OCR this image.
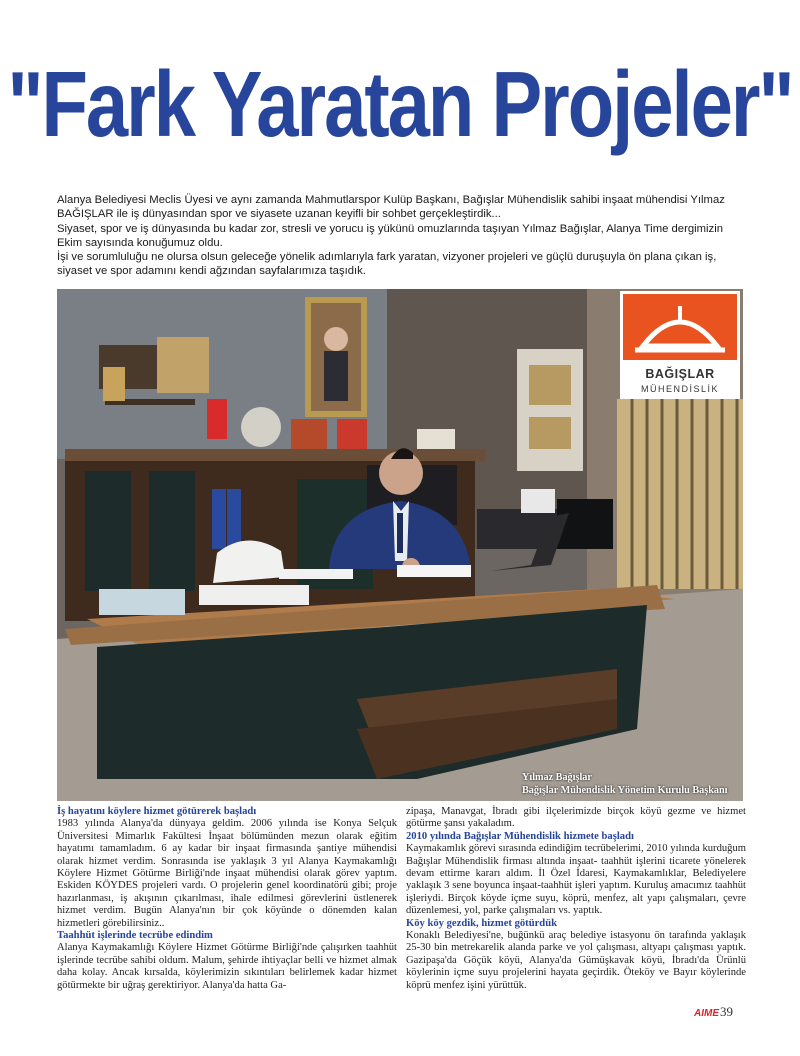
"Fark Yaratan Projeler"

Alanya Belediyesi Meclis Üyesi ve aynı zamanda Mahmutlarspor Kulüp Başkanı, Bağışlar Mühendislik sahibi inşaat mühendisi Yılmaz BAĞIŞLAR ile iş dünyasından spor ve siyasete uzanan keyifli bir sohbet gerçekleştirdik...

Siyaset, spor ve iş dünyasında bu kadar zor, stresli ve yorucu iş yükünü omuzlarında taşıyan Yılmaz Bağışlar, Alanya Time dergimizin Ekim sayısında konuğumuz oldu.

İşi ve sorumluluğu ne olursa olsun geleceğe yönelik adımlarıyla fark yaratan, vizyoner projeleri ve güçlü duruşuyla ön plana çıkan iş, siyaset ve spor adamını kendi ağzından sayfalarımıza taşıdık.

BAĞIŞLAR
MÜHENDİSLİK
Yılmaz Bağışlar
Bağışlar Mühendislik Yönetim Kurulu Başkanı
İş hayatını köylere hizmet götürerek başladı

1983 yılında Alanya'da dünyaya geldim. 2006 yılında ise Konya Selçuk Üniversitesi Mimarlık Fakültesi İnşaat bölümünden mezun olarak eğitim hayatımı tamamladım. 6 ay kadar bir inşaat firmasında şantiye mühendisi olarak hizmet verdim. Sonrasında ise yaklaşık 3 yıl Alanya Kaymakamlığı Köylere Hizmet Götürme Birliği'nde inşaat mühendisi olarak görev yaptım. Eskiden KÖYDES projeleri vardı. O projelerin genel koordinatörü gibi; proje hazırlanması, iş akışının çıkarılması, ihale edilmesi görevlerini üstlenerek hizmet verdim. Bugün Alanya'nın bir çok köyünde o dönemden kalan hizmetleri görebilirsiniz..

Taahhüt işlerinde tecrübe edindim

Alanya Kaymakamlığı Köylere Hizmet Götürme Birliği'nde çalışırken taahhüt işlerinde tecrübe sahibi oldum. Malum, şehirde ihtiyaçlar belli ve hizmet almak daha kolay. Ancak kırsalda, köylerimizin sıkıntıları belirlemek kadar hizmet götürmekte bir uğraş gerektiriyor. Alanya'da hatta Ga-

zipaşa, Manavgat, İbradı gibi ilçelerimizde birçok köyü gezme ve hizmet götürme şansı yakaladım.

2010 yılında Bağışlar Mühendislik hizmete başladı

Kaymakamlık görevi sırasında edindiğim tecrübelerimi, 2010 yılında kurduğum Bağışlar Mühendislik firması altında inşaat- taahhüt işlerini ticarete yönelerek devam ettirme kararı aldım. İl Özel İdaresi, Kaymakamlıklar, Belediyelere yaklaşık 3 sene boyunca inşaat-taahhüt işleri yaptım. Kuruluş amacımız taahhüt işleriydi. Birçok köyde içme suyu, köprü, menfez, alt yapı çalışmaları, çevre düzenlemesi, yol, parke çalışmaları vs. yaptık.

Köy köy gezdik, hizmet götürdük

Konaklı Belediyesi'ne, buğünkü araç belediye istasyonu ön tarafında yaklaşık 25-30 bin metrekarelik alanda parke ve yol çalışması, altyapı çalışması yaptık. Gazipaşa'da Göçük köyü, Alanya'da Gümüşkavak köyü, İbradı'da Ürünlü köylerinin içme suyu projelerini hayata geçirdik. Öteköy ve Bayır köylerinde köprü menfez işini yürüttük.

AIME39
